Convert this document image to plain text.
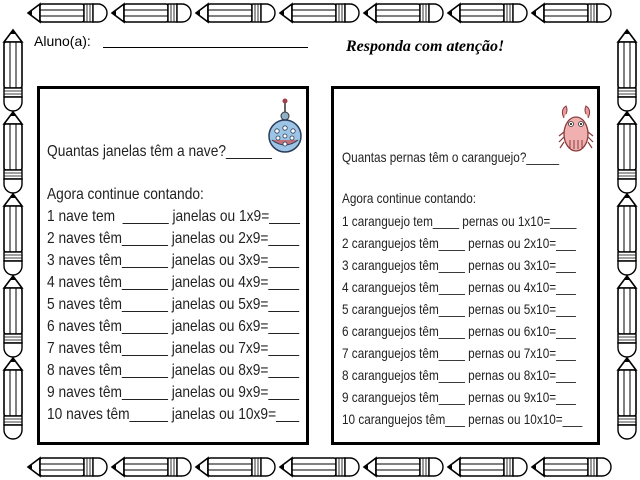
Aluno(a):	Responda com atenção!
Quantas janelas têm a nave?______
Agora continue contando:
1 nave tem  ______ janelas ou 1x9=____
2 naves têm______ janelas ou 2x9=____
3 naves têm______ janelas ou 3x9=____
4 naves têm______ janelas ou 4x9=____
5 naves têm______ janelas ou 5x9=____
6 naves têm______ janelas ou 6x9=____
7 naves têm______ janelas ou 7x9=____
8 naves têm______ janelas ou 8x9=____
9 naves têm______ janelas ou 9x9=____
10 naves têm_____ janelas ou 10x9=___
Quantas pernas têm o caranguejo?_____
Agora continue contando:
1 caranguejo tem____ pernas ou 1x10=____
2 caranguejos têm____ pernas ou 2x10=___
3 caranguejos têm____ pernas ou 3x10=___
4 caranguejos têm____ pernas ou 4x10=___
5 caranguejos têm____ pernas ou 5x10=___
6 caranguejos têm____ pernas ou 6x10=___
7 caranguejos têm____ pernas ou 7x10=___
8 caranguejos têm____ pernas ou 8x10=___
9 caranguejos têm____ pernas ou 9x10=___
10 caranguejos têm___ pernas ou 10x10=___
